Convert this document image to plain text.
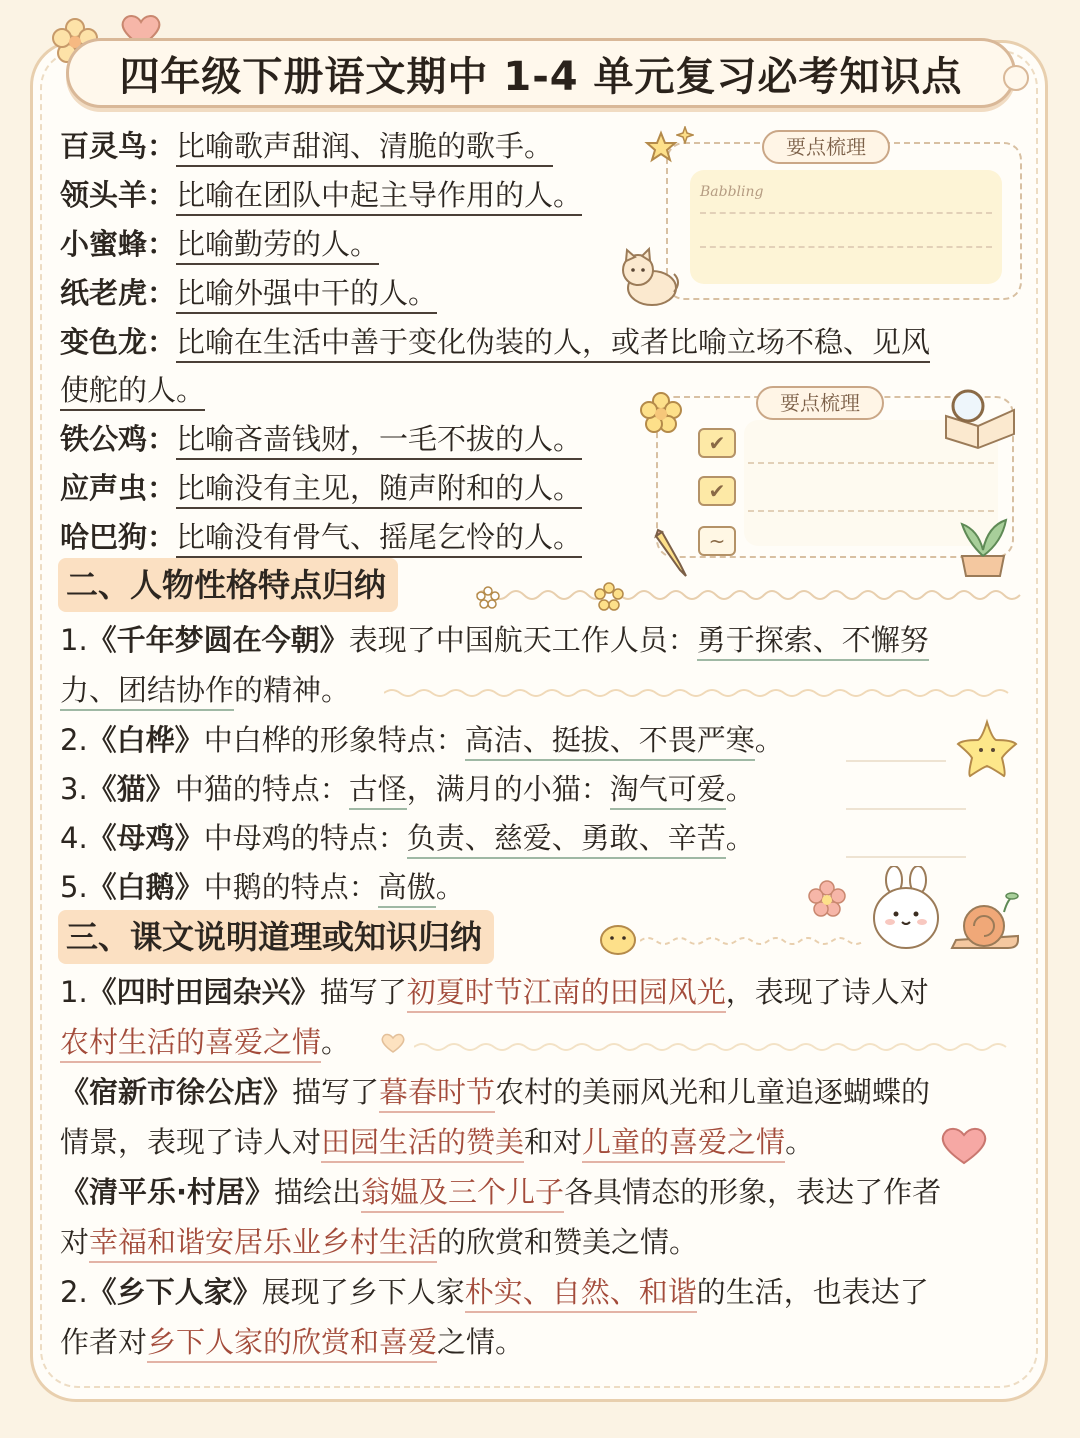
四年级下册语文期中 1-4 单元复习必考知识点
百灵鸟：比喻歌声甜润、清脆的歌手。
领头羊：比喻在团队中起主导作用的人。
小蜜蜂：比喻勤劳的人。
纸老虎：比喻外强中干的人。
变色龙：比喻在生活中善于变化伪装的人，或者比喻立场不稳、见风
使舵的人。
铁公鸡：比喻吝啬钱财，一毛不拔的人。
应声虫：比喻没有主见，随声附和的人。
哈巴狗：比喻没有骨气、摇尾乞怜的人。
要点梳理
Babbling
要点梳理
✔
✔
~
二、人物性格特点归纳
1.《千年梦圆在今朝》表现了中国航天工作人员：勇于探索、不懈努
力、团结协作的精神。
2.《白桦》中白桦的形象特点：高洁、挺拔、不畏严寒。
3.《猫》中猫的特点：古怪，满月的小猫：淘气可爱。
4.《母鸡》中母鸡的特点：负责、慈爱、勇敢、辛苦。
5.《白鹅》中鹅的特点：高傲。
三、课文说明道理或知识归纳
1.《四时田园杂兴》描写了初夏时节江南的田园风光，表现了诗人对
农村生活的喜爱之情。
《宿新市徐公店》描写了暮春时节农村的美丽风光和儿童追逐蝴蝶的
情景，表现了诗人对田园生活的赞美和对儿童的喜爱之情。
《清平乐·村居》描绘出翁媪及三个儿子各具情态的形象，表达了作者
对幸福和谐安居乐业乡村生活的欣赏和赞美之情。
2.《乡下人家》展现了乡下人家朴实、自然、和谐的生活，也表达了
作者对乡下人家的欣赏和喜爱之情。
